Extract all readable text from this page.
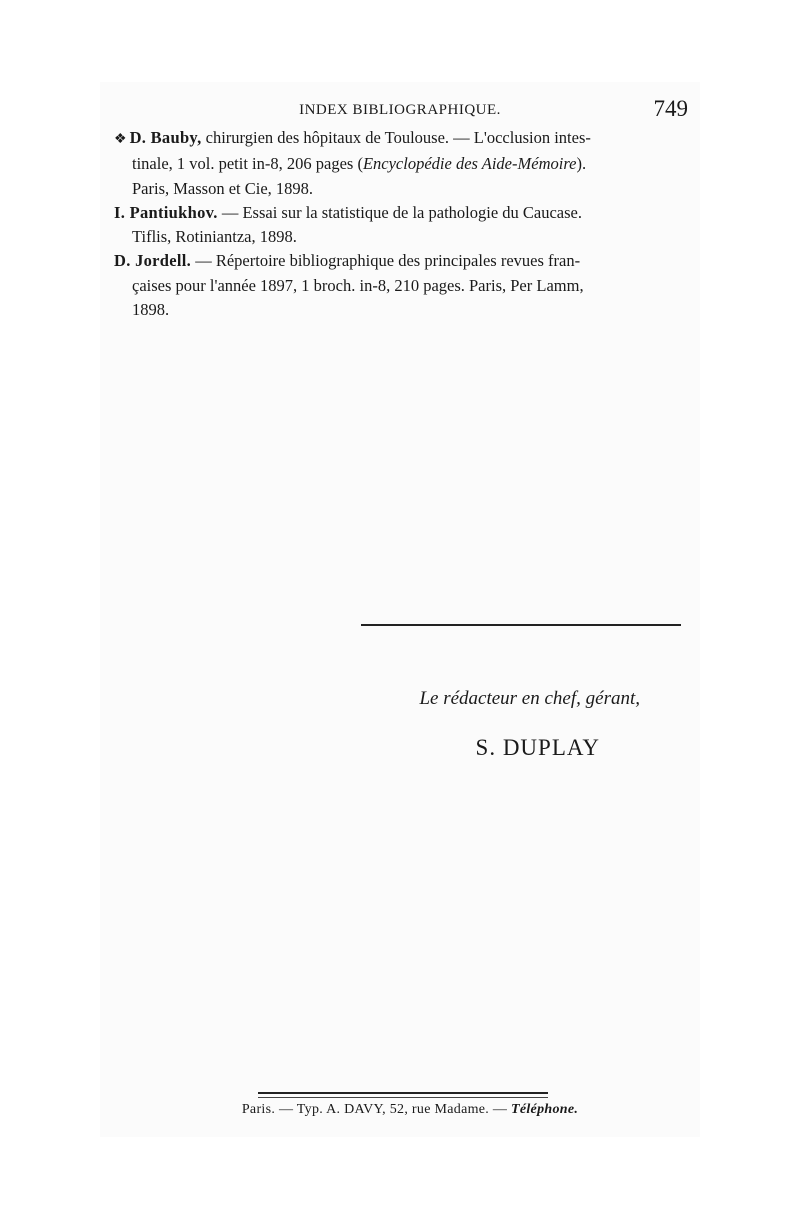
INDEX BIBLIOGRAPHIQUE.	749

❖ D. Bauby, chirurgien des hôpitaux de Toulouse. — L'occlusion intes-
tinale, 1 vol. petit in-8, 206 pages (Encyclopédie des Aide-Mémoire).
Paris, Masson et Cie, 1898.

I. Pantiukhov. — Essai sur la statistique de la pathologie du Caucase.
Tiflis, Rotiniantza, 1898.

D. Jordell. — Répertoire bibliographique des principales revues fran-
çaises pour l'année 1897, 1 broch. in-8, 210 pages. Paris, Per Lamm,
1898.

Le rédacteur en chef, gérant,
S. DUPLAY
Paris. — Typ. A. DAVY, 52, rue Madame. — Téléphone.
